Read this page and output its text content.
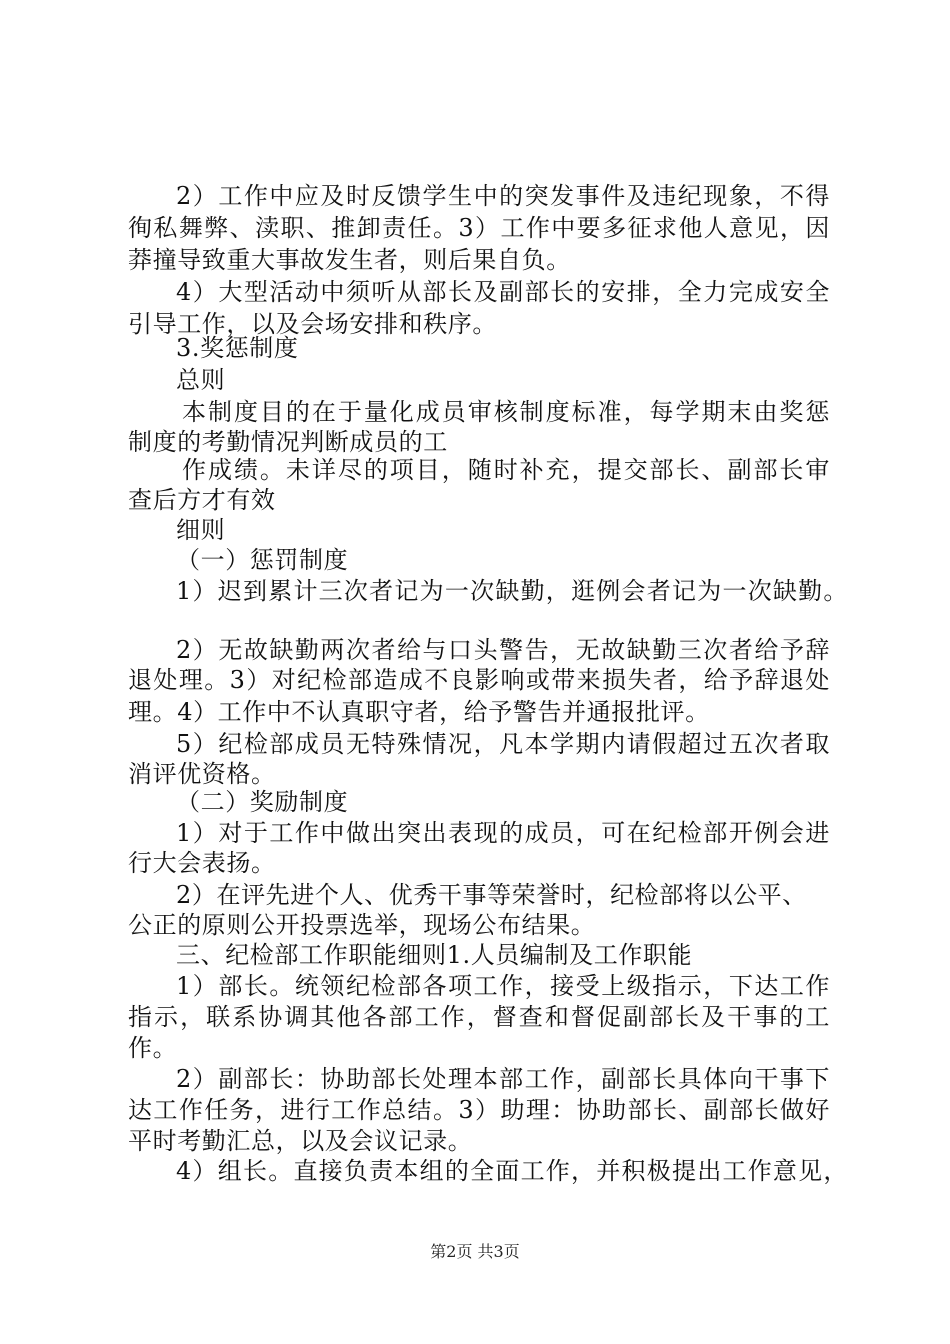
2）工作中应及时反馈学生中的突发事件及违纪现象，不得
徇私舞弊、渎职、推卸责任。3）工作中要多征求他人意见，因
莽撞导致重大事故发生者，则后果自负。
4）大型活动中须听从部长及副部长的安排，全力完成安全
引导工作，以及会场安排和秩序。
3.奖惩制度
总则
本制度目的在于量化成员审核制度标准，每学期末由奖惩
制度的考勤情况判断成员的工
作成绩。未详尽的项目，随时补充，提交部长、副部长审
查后方才有效
细则
（一）惩罚制度
1）迟到累计三次者记为一次缺勤，逛例会者记为一次缺勤。
2）无故缺勤两次者给与口头警告，无故缺勤三次者给予辞
退处理。3）对纪检部造成不良影响或带来损失者，给予辞退处
理。4）工作中不认真职守者，给予警告并通报批评。
5）纪检部成员无特殊情况，凡本学期内请假超过五次者取
消评优资格。
（二）奖励制度
1）对于工作中做出突出表现的成员，可在纪检部开例会进
行大会表扬。
2）在评先进个人、优秀干事等荣誉时，纪检部将以公平、
公正的原则公开投票选举，现场公布结果。
三、纪检部工作职能细则1.人员编制及工作职能
1）部长。统领纪检部各项工作，接受上级指示，下达工作
指示，联系协调其他各部工作，督查和督促副部长及干事的工
作。
2）副部长：协助部长处理本部工作，副部长具体向干事下
达工作任务，进行工作总结。3）助理：协助部长、副部长做好
平时考勤汇总，以及会议记录。
4）组长。直接负责本组的全面工作，并积极提出工作意见，
第2页 共3页
